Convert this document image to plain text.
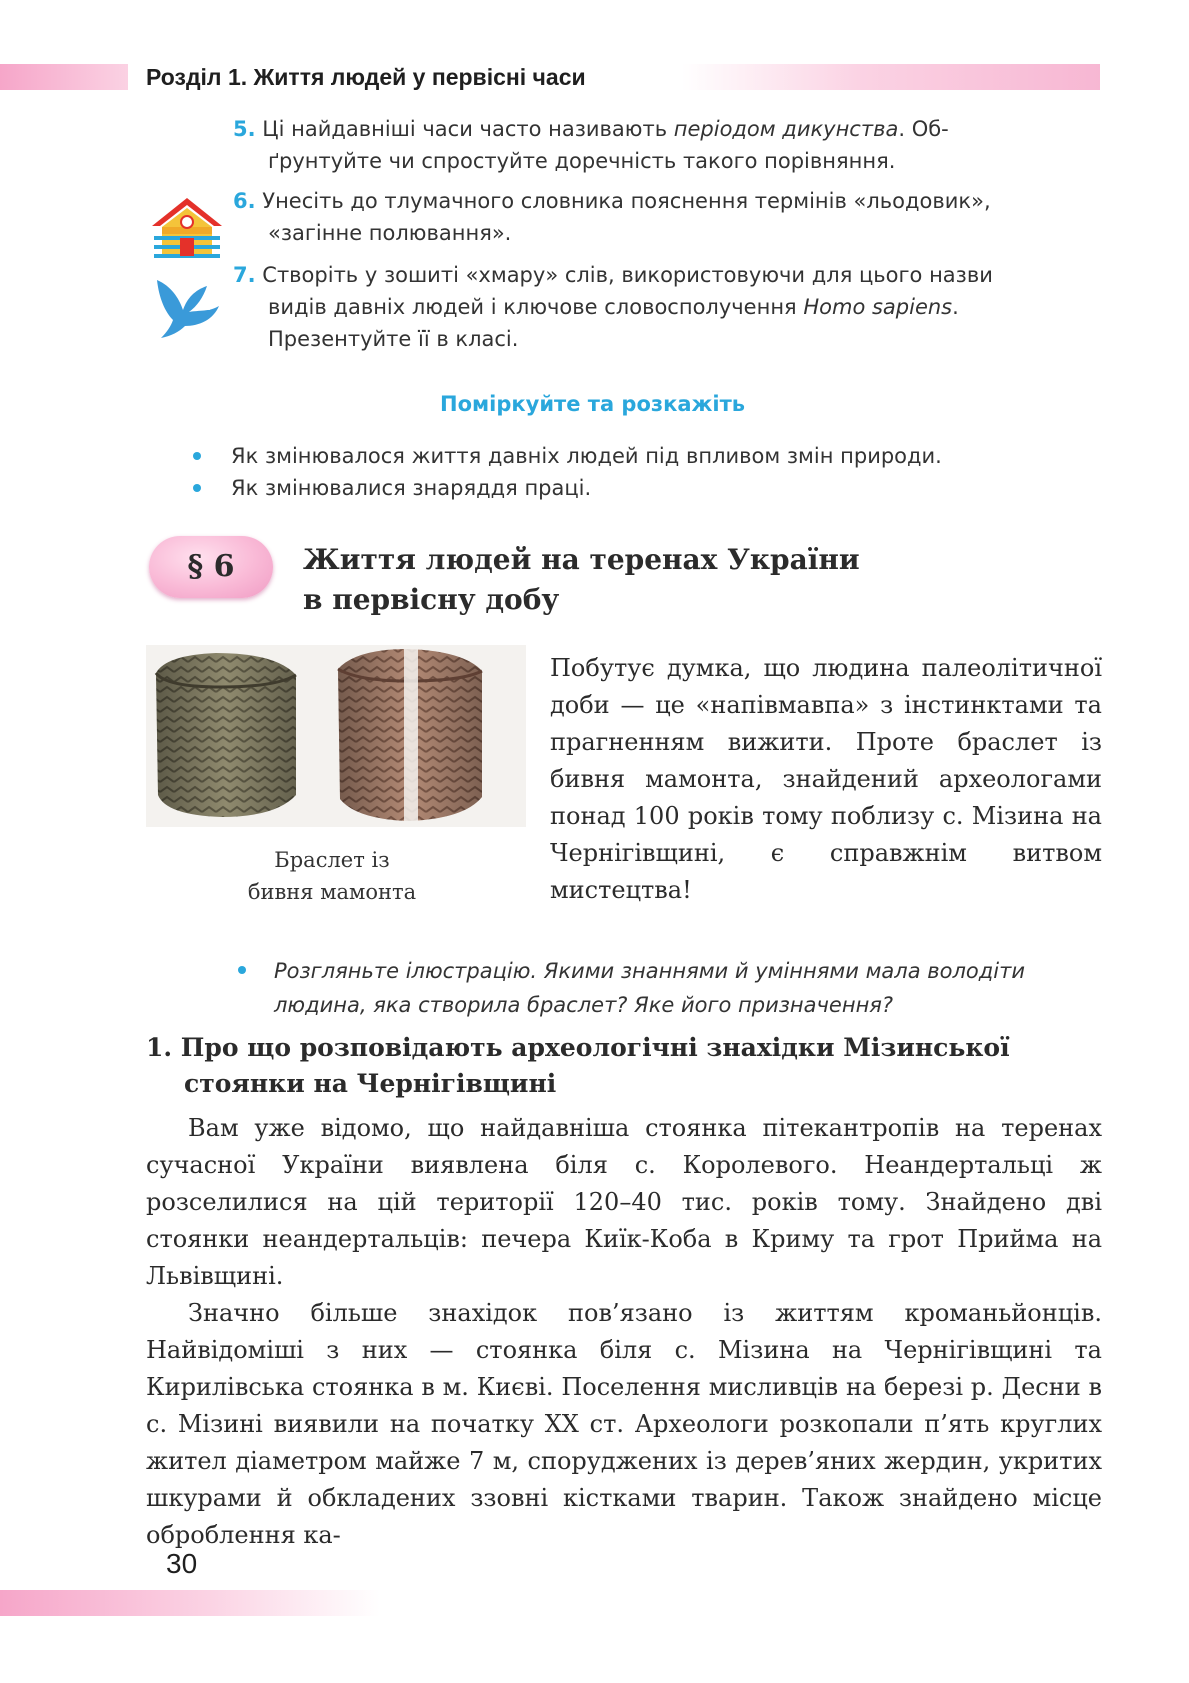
Розділ 1. Життя людей у первісні часи

5. Ці найдавніші часи часто називають періодом дикунства. Об-

ґрунтуйте чи спростуйте доречність такого порівняння.

6. Унесіть до тлумачного словника пояснення термінів «льодовик»,

«загінне полювання».

7. Створіть у зошиті «хмару» слів, використовуючи для цього назви

видів давніх людей і ключове словосполучення Homo sapiens.
Презентуйте її в класі.
Поміркуйте та розкажіть
Як змінювалося життя давніх людей під впливом змін природи.
Як змінювалися знаряддя праці.
§ 6	Життя людей на теренах України
в первісну добу
Браслет із
бивня мамонта
Побутує думка, що людина палеолітичної доби — це «напівмавпа» з інстинктами та прагненням вижити. Проте браслет із бивня мамонта, знайдений археологами понад 100 років тому поблизу с. Мізина на Чернігівщині, є справжнім витвом мистецтва!
Розгляньте ілюстрацію. Якими знаннями й уміннями мала володіти людина, яка створила браслет? Яке його призначення?
1. Про що розповідають археологічні знахідки Мізинської
стоянки на Чернігівщині

Вам уже відомо, що найдавніша стоянка пітекантропів на теренах сучасної України виявлена біля с. Королевого. Неандертальці ж розселилися на цій території 120–40 тис. років тому. Знайдено дві стоянки неандертальців: печера Киїк-Коба в Криму та грот Прийма на Львівщині.

Значно більше знахідок пов’язано із життям кроманьйонців. Найвідоміші з них — стоянка біля с. Мізина на Чернігівщині та Кирилівська стоянка в м. Києві. Поселення мисливців на березі р. Десни в с. Мізині виявили на початку XX ст. Археологи розкопали п’ять круглих жител діаметром майже 7 м, споруджених із дерев’яних жердин, укритих шкурами й обкладених ззовні кістками тварин. Також знайдено місце оброблення ка-

30
